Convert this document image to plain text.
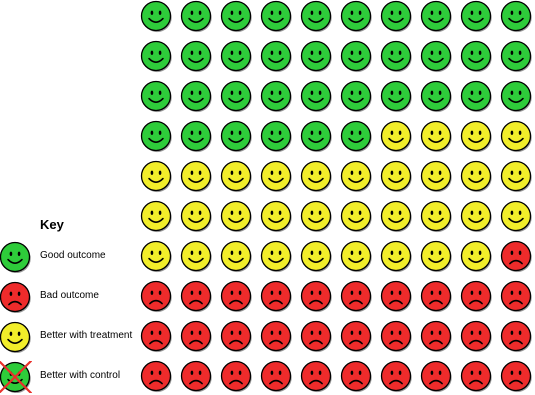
Key
Good outcome
Bad outcome
Better with treatment
Better with control
